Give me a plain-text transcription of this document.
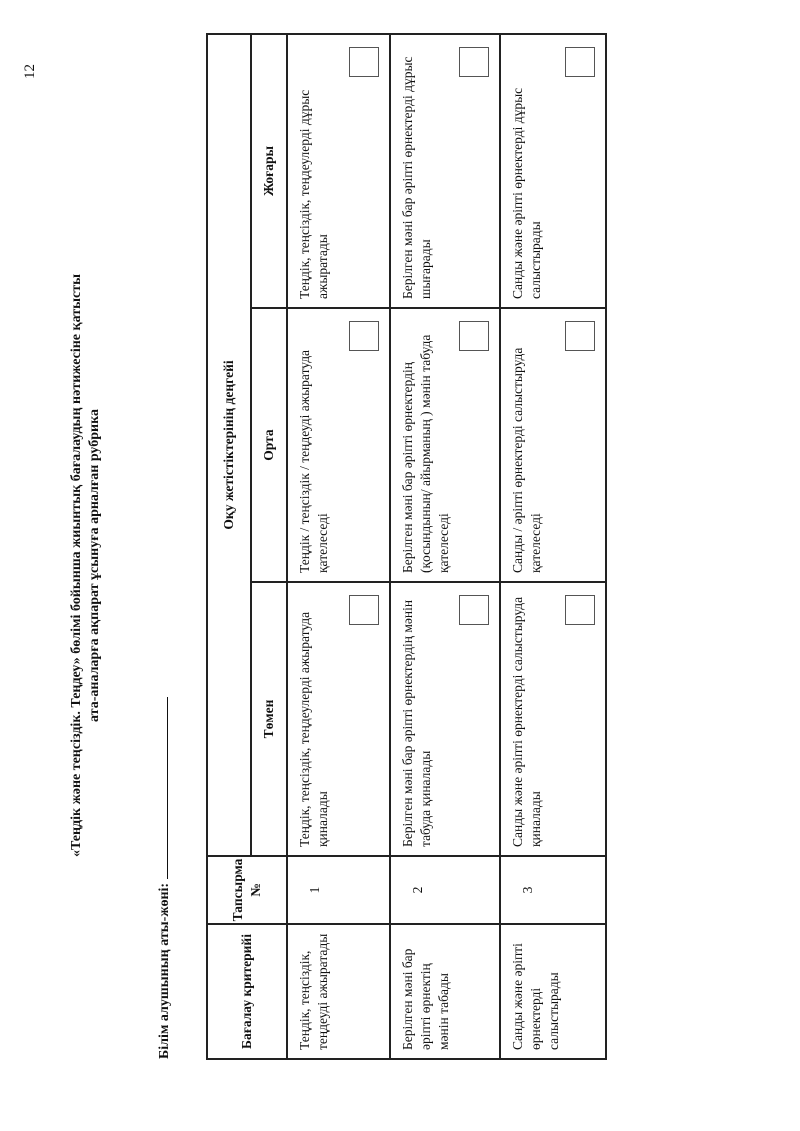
12
«Теңдік және теңсіздік. Теңдеу» бөлімі бойынша жиынтық бағалаудың нәтижесіне қатысты ата-аналарға ақпарат ұсынуға арналған рубрика
Білім алушының аты-жөні:	Бағалау критерийі	Тапсырма №	Оқу жетістіктерінің деңгейі		
		Төмен	Орта	Жоғары
Теңдік, теңсіздік, теңдеуді ажыратады	1	Теңдік, теңсіздік, теңдеулерді ажыратуда қиналады	Теңдік / теңсіздік / теңдеуді ажыратуда қателеседі	Теңдік, теңсіздік, теңдеулерді дұрыс ажыратады

Берілген мәні бар әріпті өрнектің мәнін табады	2	Берілген мәні бар әріпті өрнектердің мәнін табуда қиналады	Берілген мәні бар әріпті өрнектердің (қосындының/ айырманың ) мәнін табуда қателеседі	Берілген мәні бар әріпті өрнектерді дұрыс шығарады

Санды және әріпті өрнектерді салыстырады	3	Санды және әріпті өрнектерді салыстыруда қиналады	Санды / әріпті өрнектерді салыстыруда қателеседі	Санды және әріпті өрнектерді дұрыс салыстырады
